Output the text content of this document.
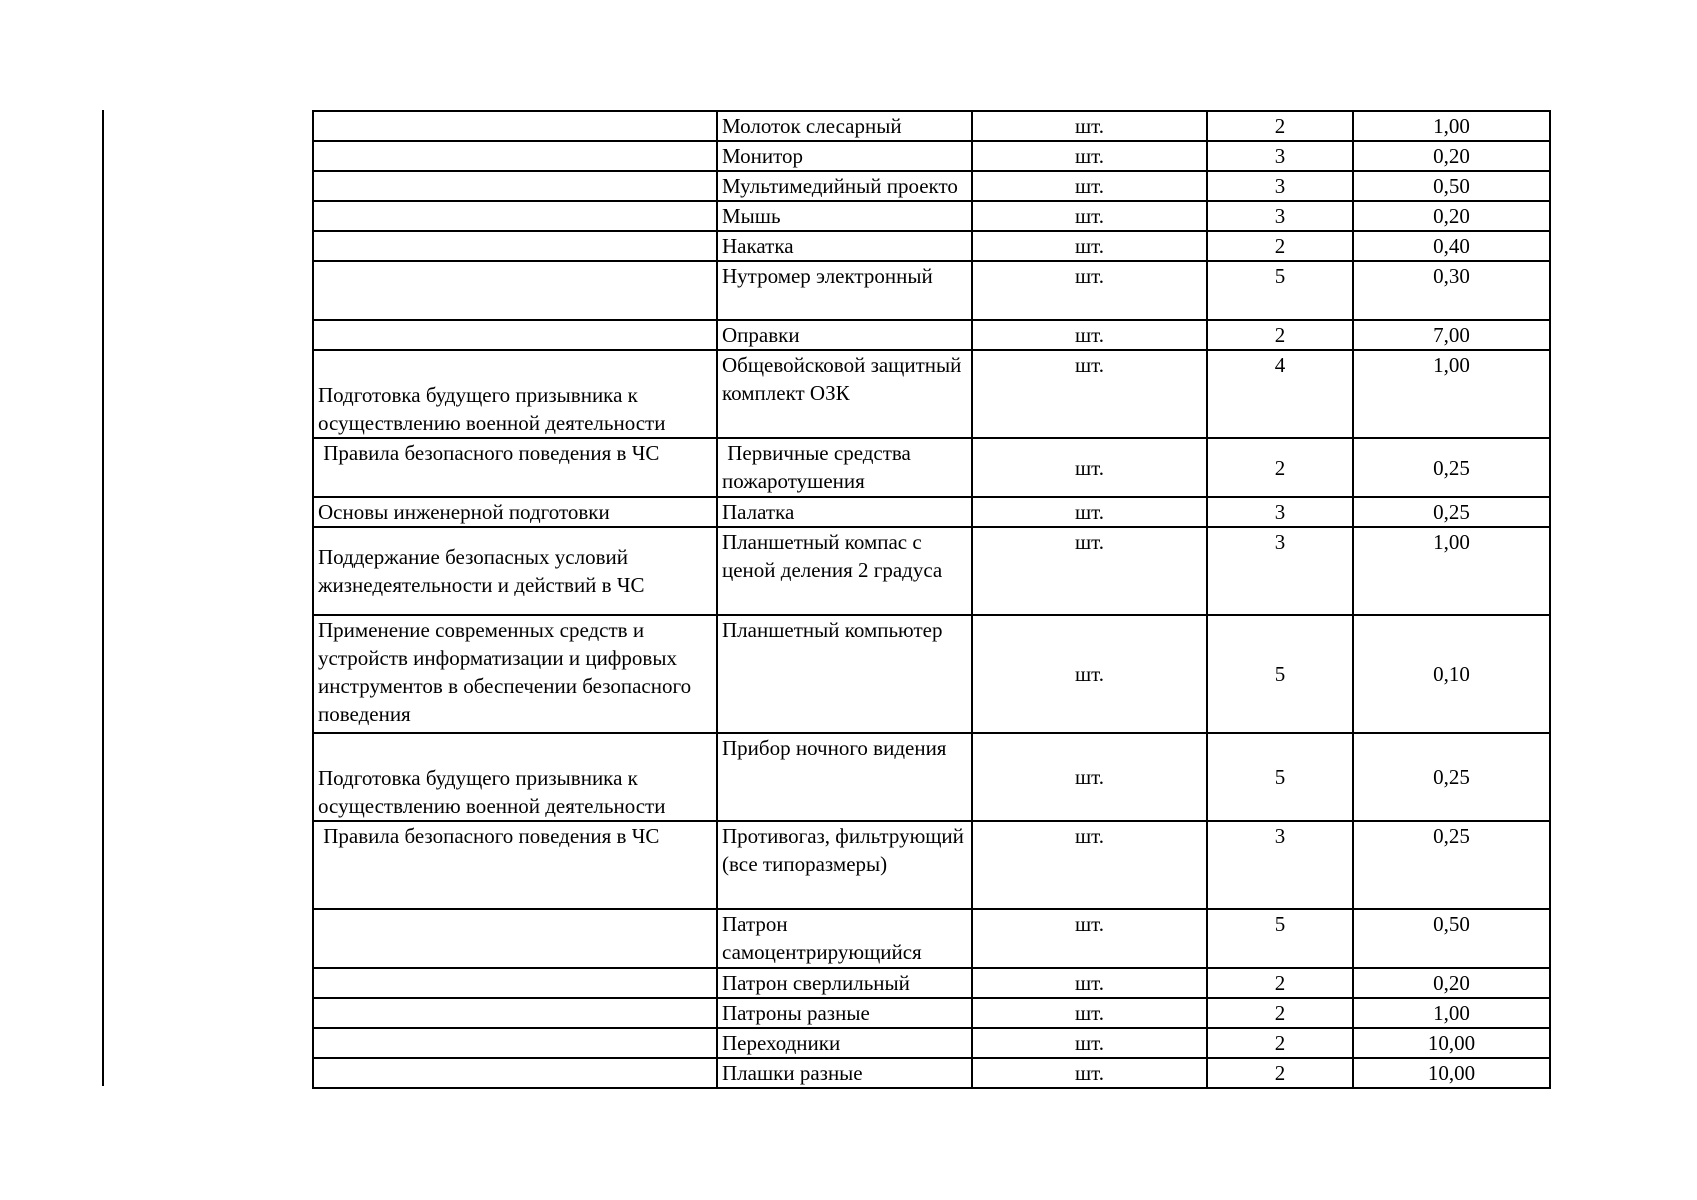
	Молоток слесарный	шт.	2	1,00
	Монитор	шт.	3	0,20
	Мультимедийный проекто	шт.	3	0,50
	Мышь	шт.	3	0,20
	Накатка	шт.	2	0,40
	Нутромер электронный	шт.	5	0,30
	Оправки	шт.	2	7,00
Подготовка будущего призывника к осуществлению военной деятельности	Общевойсковой защитный комплект ОЗК	шт.	4	1,00
Правила безопасного поведения в ЧС	Первичные средства пожаротушения	шт.	2	0,25
Основы инженерной подготовки	Палатка	шт.	3	0,25
Поддержание безопасных условий жизнедеятельности и действий в ЧС	Планшетный компас с ценой деления 2 градуса	шт.	3	1,00
Применение современных средств и устройств информатизации и цифровых инструментов в обеспечении безопасного поведения	Планшетный компьютер	шт.	5	0,10
Подготовка будущего призывника к осуществлению военной деятельности	Прибор ночного видения	шт.	5	0,25
Правила безопасного поведения в ЧС	Противогаз, фильтрующий (все типоразмеры)	шт.	3	0,25
	Патрон самоцентрирующийся	шт.	5	0,50
	Патрон сверлильный	шт.	2	0,20
	Патроны разные	шт.	2	1,00
	Переходники	шт.	2	10,00
	Плашки разные	шт.	2	10,00
